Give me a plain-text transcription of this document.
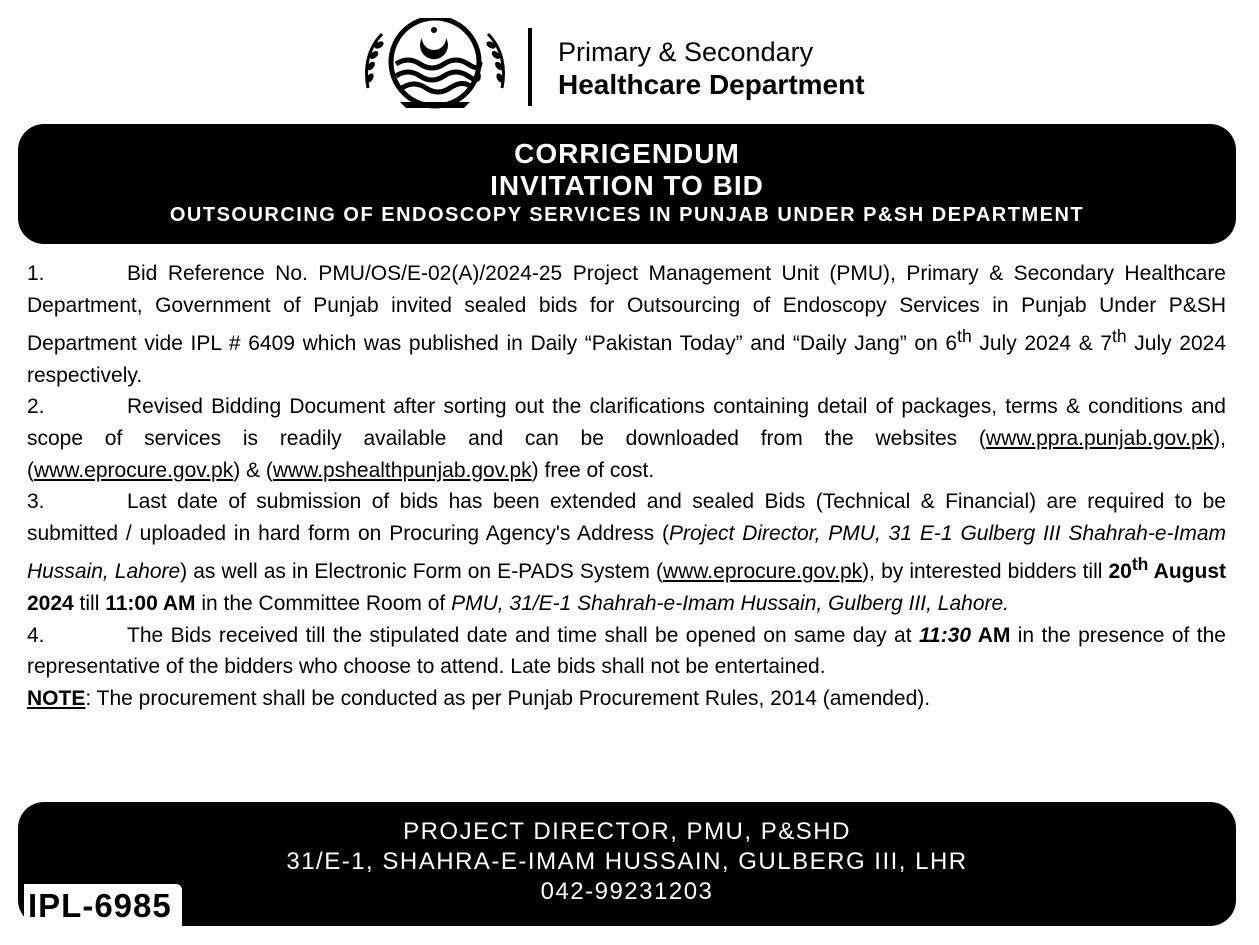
Primary & Secondary
Healthcare Department
CORRIGENDUM
INVITATION TO BID
OUTSOURCING OF ENDOSCOPY SERVICES IN PUNJAB UNDER P&SH DEPARTMENT

1.	Bid Reference No. PMU/OS/E-02(A)/2024-25 Project Management Unit (PMU), Primary & Secondary Healthcare Department, Government of Punjab invited sealed bids for Outsourcing of Endoscopy Services in Punjab Under P&SH Department vide IPL # 6409 which was published in Daily “Pakistan Today” and “Daily Jang” on 6th July 2024 & 7th July 2024 respectively.

2.	Revised Bidding Document after sorting out the clarifications containing detail of packages, terms & conditions and scope of services is readily available and can be downloaded from the websites (www.ppra.punjab.gov.pk), (www.eprocure.gov.pk) & (www.pshealthpunjab.gov.pk) free of cost.

3.	Last date of submission of bids has been extended and sealed Bids (Technical & Financial) are required to be submitted / uploaded in hard form on Procuring Agency's Address (Project Director, PMU, 31 E-1 Gulberg III Shahrah-e-Imam Hussain, Lahore) as well as in Electronic Form on E-PADS System (www.eprocure.gov.pk), by interested bidders till 20th August 2024 till 11:00 AM in the Committee Room of PMU, 31/E-1 Shahrah-e-Imam Hussain, Gulberg III, Lahore.

4.	The Bids received till the stipulated date and time shall be opened on same day at 11:30 AM in the presence of the representative of the bidders who choose to attend. Late bids shall not be entertained.

NOTE: The procurement shall be conducted as per Punjab Procurement Rules, 2014 (amended).

PROJECT DIRECTOR, PMU, P&SHD
31/E-1, SHAHRA-E-IMAM HUSSAIN, GULBERG III, LHR
042-99231203
IPL-6985
